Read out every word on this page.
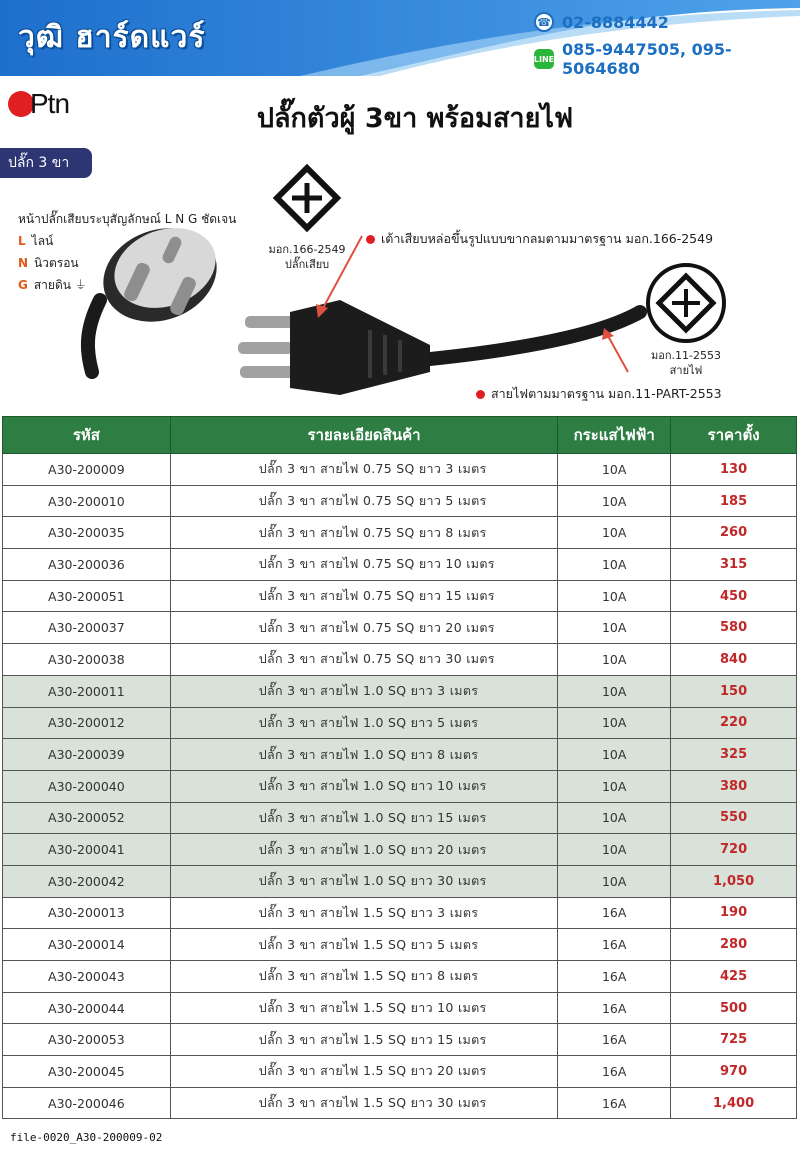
วุฒิ ฮาร์ดแวร์	☎ 02-8884442
LINE 085-9447505, 095-5064680
Ptn	ปลั๊กตัวผู้ 3ขา พร้อมสายไฟ
ปลั๊ก 3 ขา
หน้าปลั๊กเสียบระบุสัญลักษณ์ L N G ชัดเจน
L ไลน์
N นิวตรอน
G สายดิน ⏚
มอก.166-2549
ปลั๊กเสียบ
เต้าเสียบหล่อขึ้นรูปแบบขากลมตามมาตรฐาน มอก.166-2549
มอก.11-2553
สายไฟ
สายไฟตามมาตรฐาน มอก.11-PART-2553
รหัส	รายละเอียดสินค้า	กระแสไฟฟ้า	ราคาตั้ง
A30-200009	ปลั๊ก 3 ขา สายไฟ 0.75 SQ ยาว 3 เมตร	10A	130
A30-200010	ปลั๊ก 3 ขา สายไฟ 0.75 SQ ยาว 5 เมตร	10A	185
A30-200035	ปลั๊ก 3 ขา สายไฟ 0.75 SQ ยาว 8 เมตร	10A	260
A30-200036	ปลั๊ก 3 ขา สายไฟ 0.75 SQ ยาว 10 เมตร	10A	315
A30-200051	ปลั๊ก 3 ขา สายไฟ 0.75 SQ ยาว 15 เมตร	10A	450
A30-200037	ปลั๊ก 3 ขา สายไฟ 0.75 SQ ยาว 20 เมตร	10A	580
A30-200038	ปลั๊ก 3 ขา สายไฟ 0.75 SQ ยาว 30 เมตร	10A	840
A30-200011	ปลั๊ก 3 ขา สายไฟ 1.0 SQ ยาว 3 เมตร	10A	150
A30-200012	ปลั๊ก 3 ขา สายไฟ 1.0 SQ ยาว 5 เมตร	10A	220
A30-200039	ปลั๊ก 3 ขา สายไฟ 1.0 SQ ยาว 8 เมตร	10A	325
A30-200040	ปลั๊ก 3 ขา สายไฟ 1.0 SQ ยาว 10 เมตร	10A	380
A30-200052	ปลั๊ก 3 ขา สายไฟ 1.0 SQ ยาว 15 เมตร	10A	550
A30-200041	ปลั๊ก 3 ขา สายไฟ 1.0 SQ ยาว 20 เมตร	10A	720
A30-200042	ปลั๊ก 3 ขา สายไฟ 1.0 SQ ยาว 30 เมตร	10A	1,050
A30-200013	ปลั๊ก 3 ขา สายไฟ 1.5 SQ ยาว 3 เมตร	16A	190
A30-200014	ปลั๊ก 3 ขา สายไฟ 1.5 SQ ยาว 5 เมตร	16A	280
A30-200043	ปลั๊ก 3 ขา สายไฟ 1.5 SQ ยาว 8 เมตร	16A	425
A30-200044	ปลั๊ก 3 ขา สายไฟ 1.5 SQ ยาว 10 เมตร	16A	500
A30-200053	ปลั๊ก 3 ขา สายไฟ 1.5 SQ ยาว 15 เมตร	16A	725
A30-200045	ปลั๊ก 3 ขา สายไฟ 1.5 SQ ยาว 20 เมตร	16A	970
A30-200046	ปลั๊ก 3 ขา สายไฟ 1.5 SQ ยาว 30 เมตร	16A	1,400
file-0020_A30-200009-02
